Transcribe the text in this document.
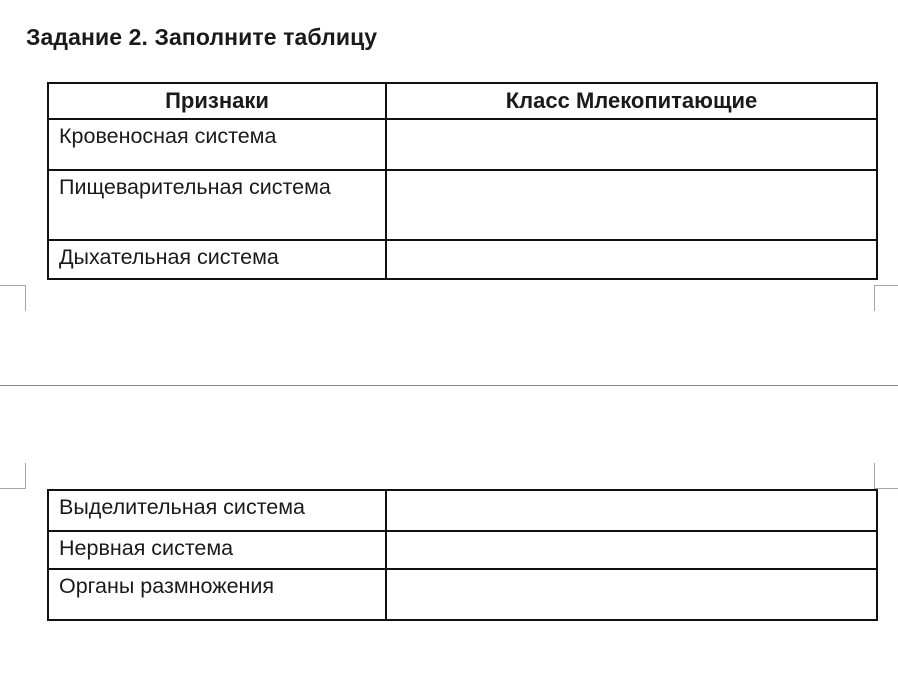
Задание 2. Заполните таблицу
Признаки	Класс Млекопитающие
Кровеносная система	
Пищеварительная система	
Дыхательная система	
Выделительная система	
Нервная система	
Органы размножения	
